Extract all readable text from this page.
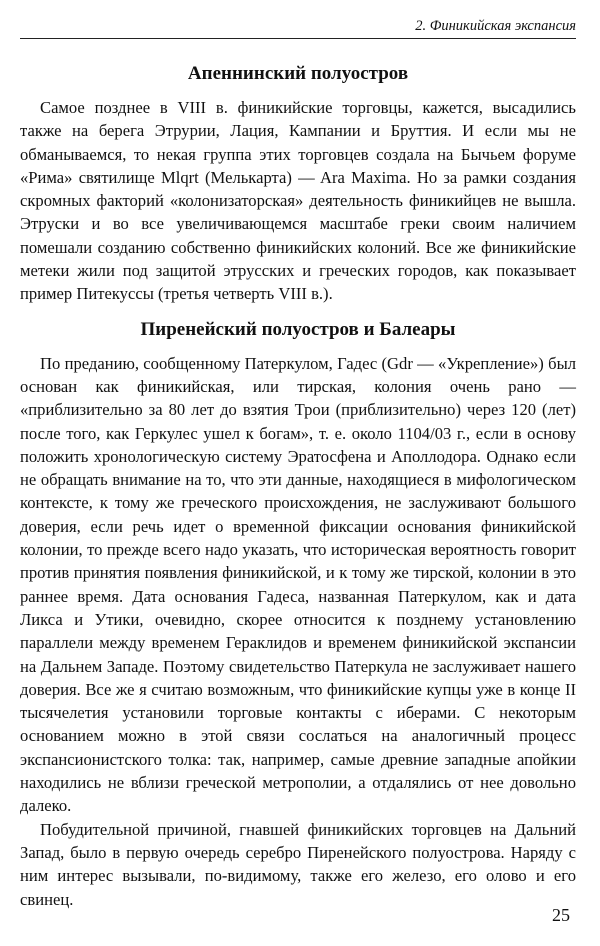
2. Финикийская экспансия
Апеннинский полуостров

Самое позднее в VIII в. финикийские торговцы, кажется, высадились также на берега Этрурии, Лация, Кампании и Бруттия. И если мы не обманываемся, то некая группа этих торговцев создала на Бычьем форуме «Рима» святилище Mlqrt (Мелькарта) — Ara Maxima. Но за рамки создания скромных факторий «колонизаторская» деятельность финикийцев не вышла. Этруски и во все увеличивающемся масштабе греки своим наличием помешали созданию собственно финикийских колоний. Все же финикийские метеки жили под защитой этрусских и греческих городов, как показывает пример Питекуссы (третья четверть VIII в.).

Пиренейский полуостров и Балеары

По преданию, сообщенному Патеркулом, Гадес (Gdr — «Укрепление») был основан как финикийская, или тирская, колония очень рано — «приблизительно за 80 лет до взятия Трои (приблизительно) через 120 (лет) после того, как Геркулес ушел к богам», т. е. около 1104/03 г., если в основу положить хронологическую систему Эратосфена и Аполлодора. Однако если не обращать внимание на то, что эти данные, находящиеся в мифологическом контексте, к тому же греческого происхождения, не заслуживают большого доверия, если речь идет о временной фиксации основания финикийской колонии, то прежде всего надо указать, что историческая вероятность говорит против принятия появления финикийской, и к тому же тирской, колонии в это раннее время. Дата основания Гадеса, названная Патеркулом, как и дата Ликса и Утики, очевидно, скорее относится к позднему установлению параллели между временем Гераклидов и временем финикийской экспансии на Дальнем Западе. Поэтому свидетельство Патеркула не заслуживает нашего доверия. Все же я считаю возможным, что финикийские купцы уже в конце II тысячелетия установили торговые контакты с иберами. С некоторым основанием можно в этой связи сослаться на аналогичный процесс экспансионистского толка: так, например, самые древние западные апойкии находились не вблизи греческой метрополии, а отдалялись от нее довольно далеко.

Побудительной причиной, гнавшей финикийских торговцев на Дальний Запад, было в первую очередь серебро Пиренейского полуострова. Наряду с ним интерес вызывали, по-видимому, также его железо, его олово и его свинец.

25
